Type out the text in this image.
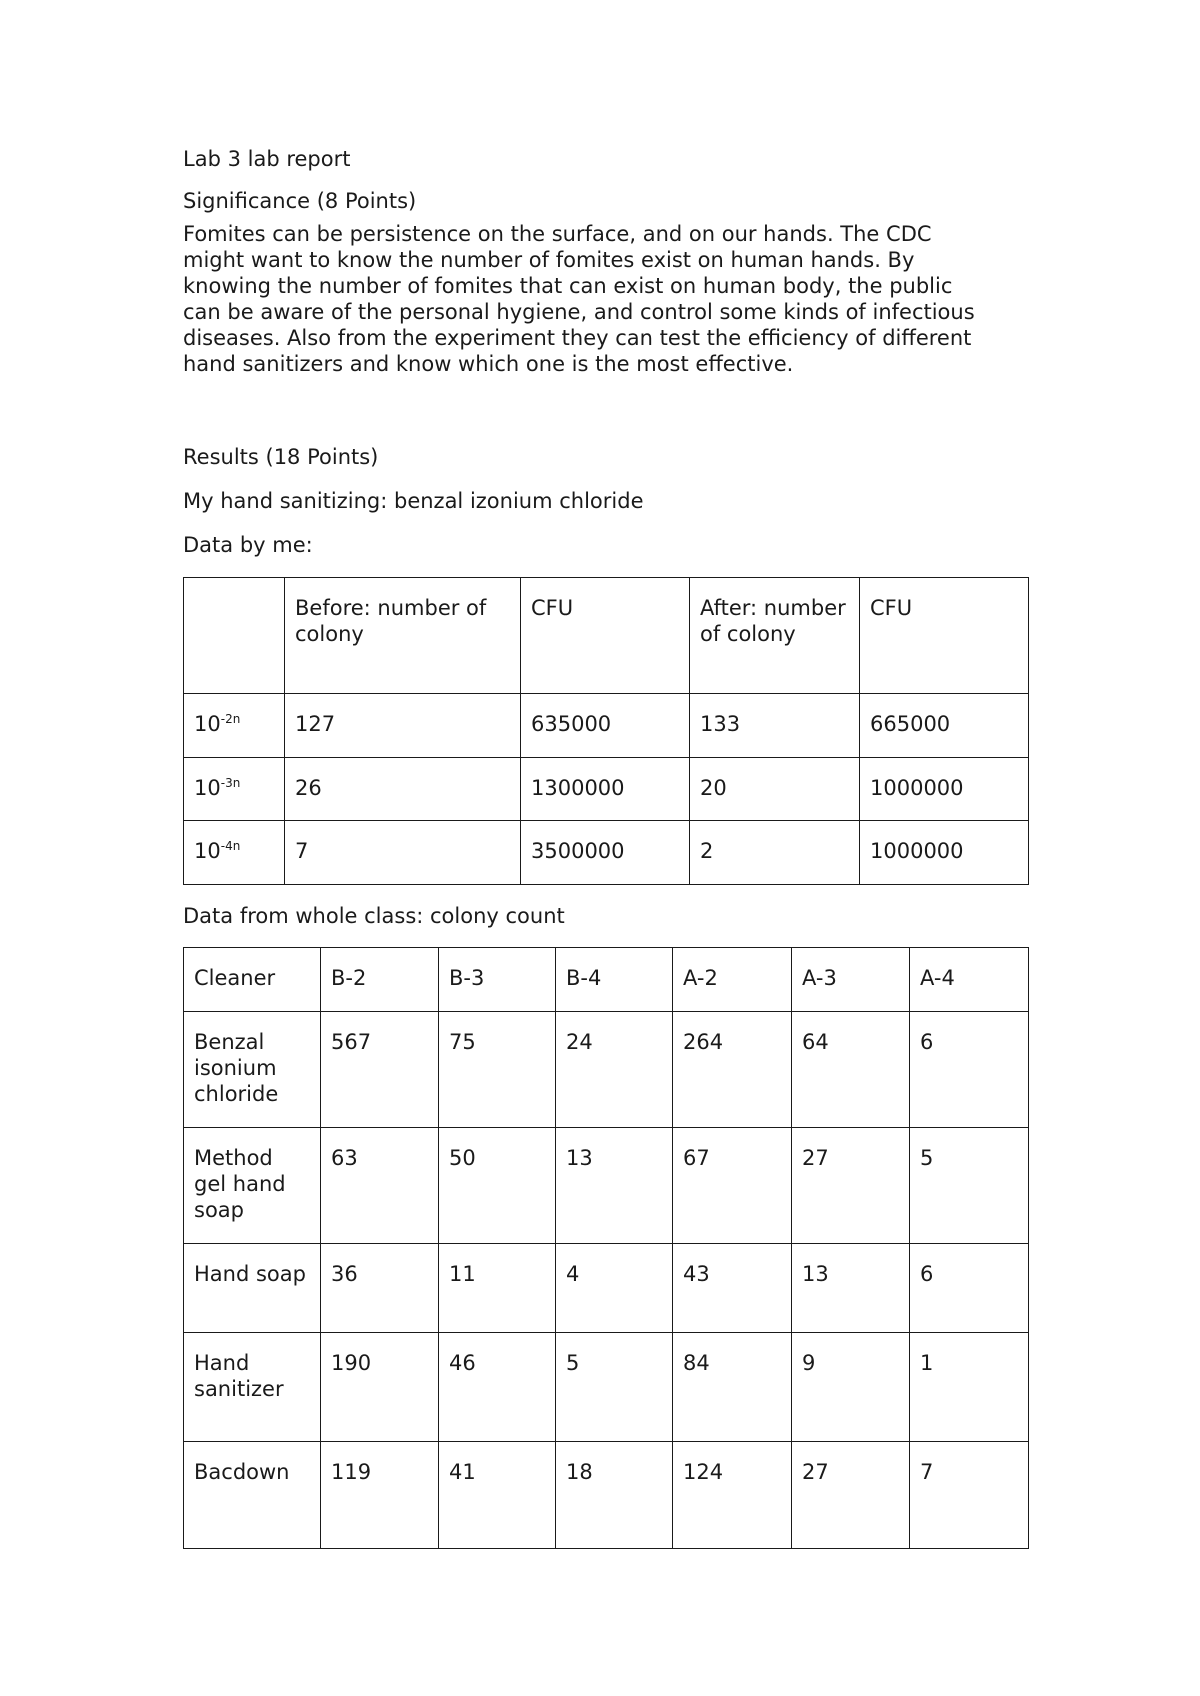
Lab 3 lab report
Significance (8 Points)
Fomites can be persistence on the surface, and on our hands. The CDC
might want to know the number of fomites exist on human hands. By
knowing the number of fomites that can exist on human body, the public
can be aware of the personal hygiene, and control some kinds of infectious
diseases. Also from the experiment they can test the efficiency of different
hand sanitizers and know which one is the most effective.
Results (18 Points)
My hand sanitizing: benzal izonium chloride
Data by me:
	Before: number of colony	CFU	After: number of colony	CFU
$10^{-2n}$	127	635000	133	665000
$10^{-3n}$	26	1300000	20	1000000
$10^{-4n}$	7	3500000	2	1000000
Data from whole class: colony count
Cleaner	B-2	B-3	B-4	A-2	A-3	A-4
Benzal isonium chloride	567	75	24	264	64	6
Method gel hand soap	63	50	13	67	27	5
Hand soap	36	11	4	43	13	6
Hand sanitizer	190	46	5	84	9	1
Bacdown	119	41	18	124	27	7
